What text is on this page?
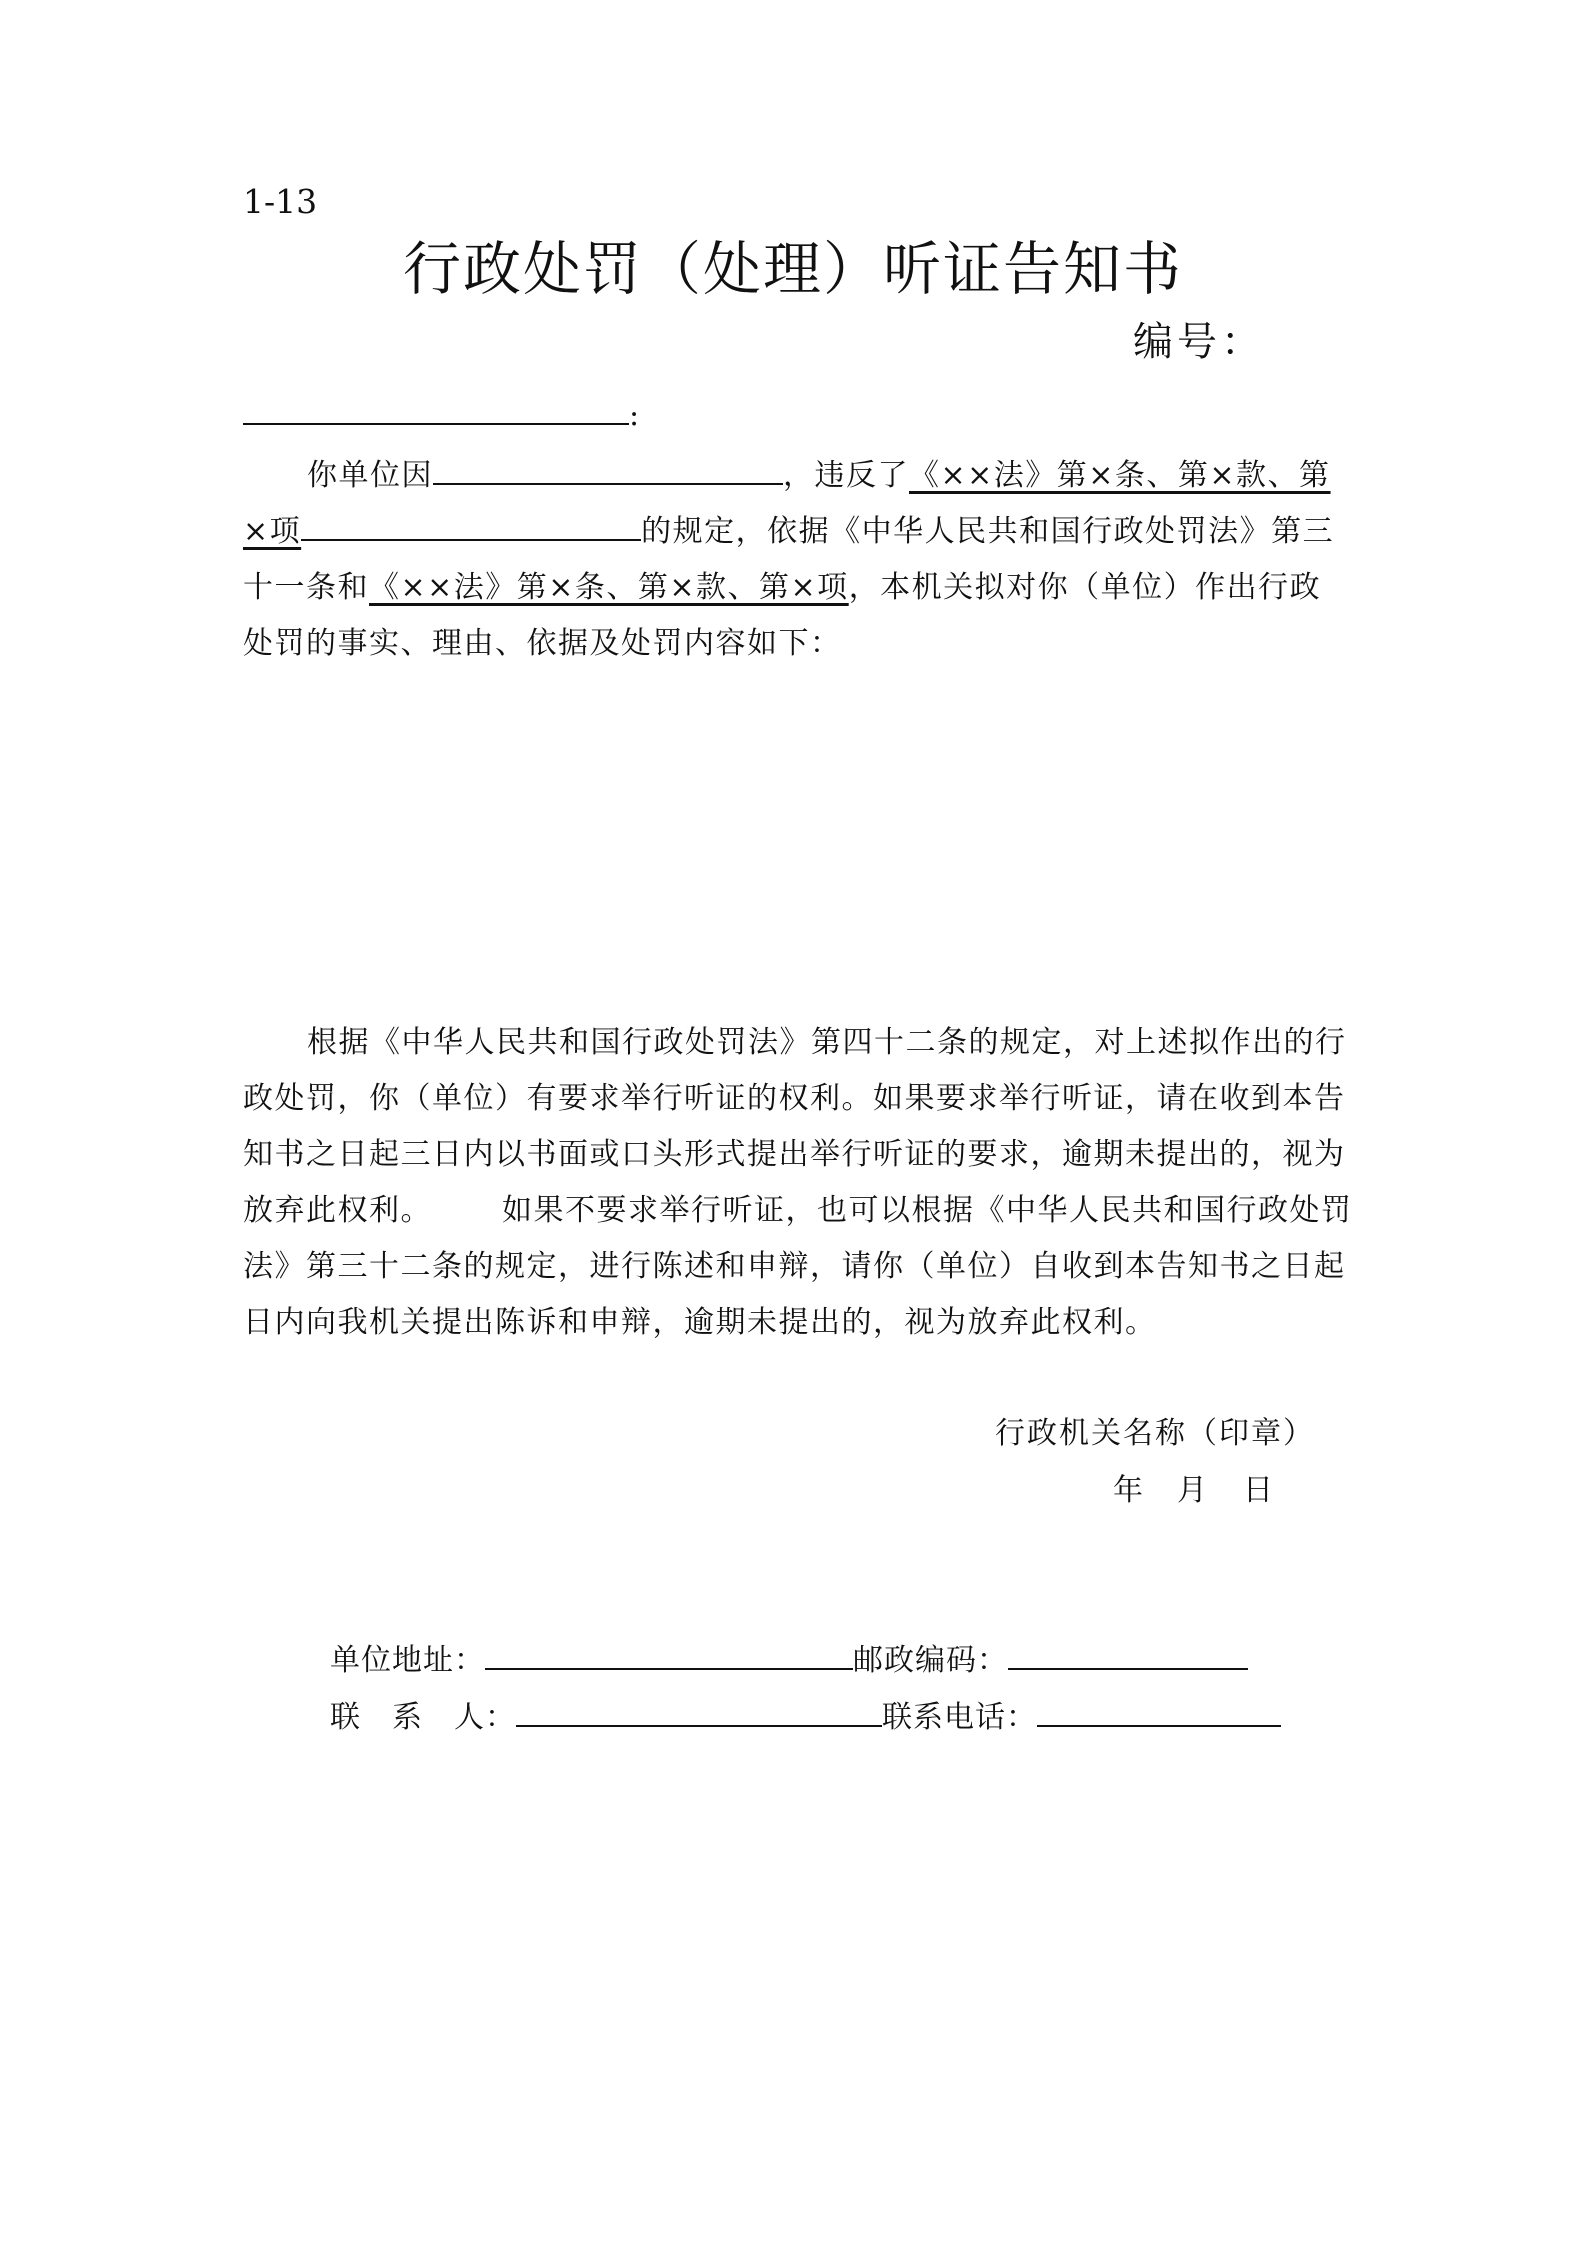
1-13
行政处罚（处理）听证告知书
编号：
:
你单位因	，违反了《××法》第×条、第×款、第
×项	的规定，依据《中华人民共和国行政处罚法》第三
十一条和《××法》第×条、第×款、第×项，本机关拟对你（单位）作出行政
处罚的事实、理由、依据及处罚内容如下：
根据《中华人民共和国行政处罚法》第四十二条的规定，对上述拟作出的行
政处罚，你（单位）有要求举行听证的权利。如果要求举行听证，请在收到本告
知书之日起三日内以书面或口头形式提出举行听证的要求，逾期未提出的，视为
放弃此权利。 如果不要求举行听证，也可以根据《中华人民共和国行政处罚
法》第三十二条的规定，进行陈述和申辩，请你（单位）自收到本告知书之日起
日内向我机关提出陈诉和申辩，逾期未提出的，视为放弃此权利。
行政机关名称（印章）
年 月 日
单位地址：	邮政编码：
联　系　人：	联系电话：
